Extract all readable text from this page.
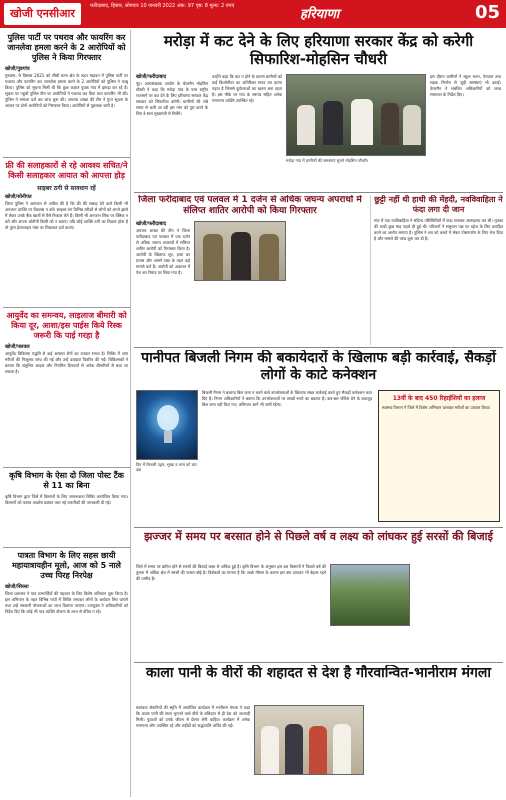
खोजी एनसीआर
फरीदाबाद, हिसार, सोमवार 10 जनवरी 2022 अंक: 97 पृष्ठ: 8 मूल्य: 2 रुपए
हरियाणा	05
पुलिस पार्टी पर पथराव और फायरिंग कर जानलेवा हमला करने के 2 आरोपियों को पुलिस ने किया गिरफ्तार
खोजी/गुडगांव
गुरुग्राम, 9 दिसंबर 2021 को सीधी थाना क्षेत्र के तहत महावत में पुलिस पार्टी पर पथराव और फायरिंग कर जानलेवा हमला करने के 2 आरोपियों को पुलिस ने काबू किया। पुलिस को सूचना मिली थी कि कुछ अज्ञात युवक गांव में झगड़ा कर रहे हैं। सूचना पर पहुंची पुलिस टीम पर आरोपियों ने पथराव कर दिया तथा फायरिंग भी की। पुलिस ने मामला दर्ज कर जांच शुरू की। अपराध शाखा की टीम ने गुप्त सूचना के आधार पर दोनों आरोपियों को गिरफ्तार किया। आरोपियों से पूछताछ जारी है।
फ्री की सलाहकारों से रहे आवश्य सचित/ने किसी सलाहकार आयात को आपत्ता होड़
साइबर ठगी से सावधान रहें
खोजी/सोनीपत
जिला पुलिस ने आमजन से अपील की है कि फ्री की सलाह देने वाले किसी भी अनजान व्यक्ति पर विश्वास न करें। साइबर ठग विभिन्न तरीकों से लोगों को अपने झांसे में लेकर उनके बैंक खातों से पैसे निकाल लेते हैं। किसी भी अनजान लिंक पर क्लिक न करें और अपना ओटीपी किसी को न बताएं। यदि कोई व्यक्ति ठगी का शिकार होता है तो तुरंत हेल्पलाइन नंबर पर शिकायत दर्ज कराएं।
आयुर्वेद का समन्वय, लाइलाज बीमारी को किया दूर, आशा/इस पाईस किये रिस्क जरूरी कि पाई गरहा है
खोजी/पलवल
आयुर्वेद चिकित्सा पद्धति से कई असाध्य रोगों का उपचार संभव है। शिविर में आए मरीजों की निःशुल्क जांच की गई और उन्हें दवाइयां वितरित की गईं। चिकित्सकों ने बताया कि संतुलित आहार और नियमित दिनचर्या से अनेक बीमारियों से बचा जा सकता है।
कृषि विभाग के ऐसा दो जिला पोस्ट टैंक से 11 का बिना
कृषि विभाग द्वारा जिले में किसानों के लिए जागरूकता शिविर आयोजित किया गया। किसानों को फसल अवशेष प्रबंधन तथा नई तकनीकों की जानकारी दी गई।
पात्रता विभाग के लिए सहस छायी महायात्रायहीन मूलो, आज को 5 नाले उच्च पिरह निरपेक्ष
खोजी/सिरसा
जिला प्रशासन ने पात्र लाभार्थियों की पहचान के लिए विशेष अभियान शुरू किया है। इस अभियान के तहत विभिन्न गांवों में शिविर लगाकर लोगों के आवेदन लिए जाएंगे तथा उन्हें सरकारी योजनाओं का लाभ दिलाया जाएगा। उपायुक्त ने अधिकारियों को निर्देश दिए कि कोई भी पात्र व्यक्ति योजना के लाभ से वंचित न रहे।
मरोड़ा में कट देने के लिए हरियाणा सरकार केंद्र को करेगी सिफारिश-मोहसिन चौधरी
मरोड़ा गांव में ग्रामीणों की समस्याएं सुनते मोहसिन चौधरी।
खोजी/फरीदाबाद
नूंह। अल्पसंख्यक आयोग के चेयरमैन मोहसिन चौधरी ने कहा कि मरोड़ा गांव के पास राष्ट्रीय राजमार्ग पर कट देने के लिए हरियाणा सरकार केंद्र सरकार को सिफारिश करेगी। ग्रामीणों की लंबे समय से चली आ रही इस मांग को पूरा करने के लिए वे स्वयं मुख्यमंत्री से मिलेंगे।
उन्होंने कहा कि कट न होने के कारण ग्रामीणों को कई किलोमीटर का अतिरिक्त सफर तय करना पड़ता है जिससे दुर्घटनाओं का खतरा बना रहता है। इस मौके पर गांव के सरपंच सहित अनेक गणमान्य व्यक्ति उपस्थित रहे।
इस दौरान ग्रामीणों ने स्कूल भवन, पेयजल तथा सड़क निर्माण से जुड़ी समस्याएं भी उठाईं। चेयरमैन ने संबंधित अधिकारियों को जल्द समाधान के निर्देश दिए।
जिला फरीदाबाद एवं पलवल मे 1 दर्जन से अधिक जघन्य अपराधों मे संलिप्त शातिर आरोपी को किया गिरफ्तार
खोजी/फरीदाबाद
अपराध शाखा की टीम ने जिला फरीदाबाद एवं पलवल में एक दर्जन से अधिक जघन्य अपराधों में संलिप्त शातिर आरोपी को गिरफ्तार किया है। आरोपी के खिलाफ लूट, हत्या का प्रयास और आर्म्स एक्ट के तहत कई मामले दर्ज हैं। आरोपी को अदालत में पेश कर रिमांड पर लिया गया है।
छुट्टी नहीं थी हाथी की मेंहदी, नवविवाहिता ने फंदा लगा दी जान
गांव में एक नवविवाहिता ने संदिग्ध परिस्थितियों में फंदा लगाकर आत्महत्या कर ली। मृतका की शादी कुछ माह पहले ही हुई थी। परिजनों ने ससुराल पक्ष पर दहेज के लिए प्रताड़ित करने का आरोप लगाया है। पुलिस ने शव को कब्जे में लेकर पोस्टमार्टम के लिए भेज दिया है और मामले की जांच शुरू कर दी है।
पानीपत बिजली निगम की बकायेदारों के खिलाफ बड़ी कार्रवाई, सैकड़ों लोगों के काटे कनेक्शन
दिन में बिजली उद्गम, सुबह व शाम को चार दक्ष
बिजली निगम ने बकाया बिल जमा न करने वाले उपभोक्ताओं के खिलाफ सख्त कार्रवाई करते हुए सैकड़ों कनेक्शन काट दिए हैं। निगम अधिकारियों ने बताया कि उपभोक्ताओं पर लाखों रुपये का बकाया है। बार-बार नोटिस देने के बावजूद बिल जमा नहीं किए गए। अभियान आगे भी जारी रहेगा।
13वीं के बाद 450 रिहाईशियों का इलाज
स्वास्थ्य विभाग ने जिले में विशेष अभियान चलाकर मरीजों का उपचार किया।
झज्जर में समय पर बरसात होने से पिछले वर्ष व लक्ष्य को लांघकर हुई सरसों की बिजाई
जिले में समय पर बारिश होने से सरसों की बिजाई लक्ष्य से अधिक हुई है। कृषि विभाग के अनुसार इस बार किसानों ने पिछले वर्ष की तुलना में अधिक क्षेत्र में सरसों की फसल बोई है। विशेषज्ञों का मानना है कि अच्छे मौसम के कारण इस बार उत्पादन भी बेहतर रहने की उम्मीद है।
काला पानी के वीरों की शहादत से देश है गौरवान्वित-भानीराम मंगला
स्वतंत्रता सेनानियों की स्मृति में आयोजित कार्यक्रम में भानीराम मंगला ने कहा कि काला पानी की सजा भुगतने वाले वीरों के बलिदान से ही देश को आजादी मिली। युवाओं को उनके जीवन से प्रेरणा लेनी चाहिए। कार्यक्रम में अनेक गणमान्य लोग उपस्थित रहे और शहीदों को श्रद्धांजलि अर्पित की गई।
